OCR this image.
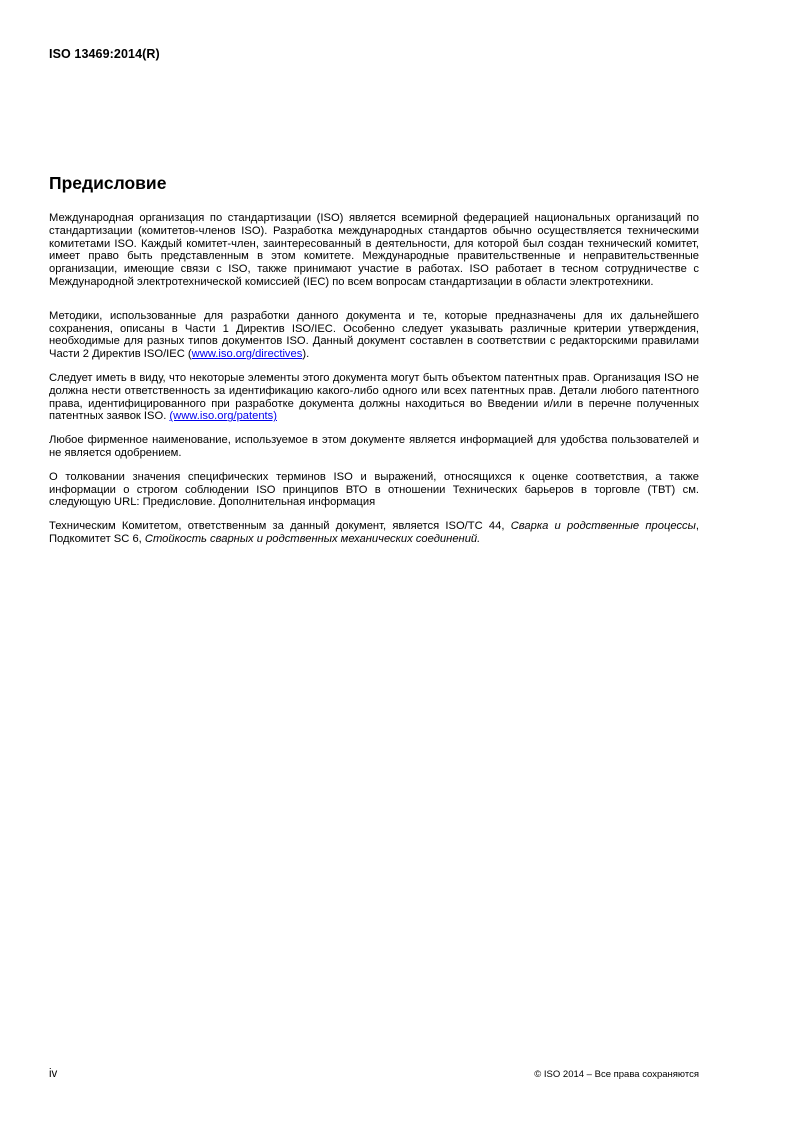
ISO 13469:2014(R)
Предисловие

Международная организация по стандартизации (ISO) является всемирной федерацией национальных организаций по стандартизации (комитетов-членов ISO). Разработка международных стандартов обычно осуществляется техническими комитетами ISO. Каждый комитет-член, заинтересованный в деятельности, для которой был создан технический комитет, имеет право быть представленным в этом комитете. Международные правительственные и неправительственные организации, имеющие связи с ISO, также принимают участие в работах. ISO работает в тесном сотрудничестве с Международной электротехнической комиссией (IEC) по всем вопросам стандартизации в области электротехники.

Методики, использованные для разработки данного документа и те, которые предназначены для их дальнейшего сохранения, описаны в Части 1 Директив ISO/IEC. Особенно следует указывать различные критерии утверждения, необходимые для разных типов документов ISO. Данный документ составлен в соответствии с редакторскими правилами Части 2 Директив ISO/IEC (www.iso.org/directives).

Следует иметь в виду, что некоторые элементы этого документа могут быть объектом патентных прав. Организация ISO не должна нести ответственность за идентификацию какого-либо одного или всех патентных прав. Детали любого патентного права, идентифицированного при разработке документа должны находиться во Введении и/или в перечне полученных патентных заявок ISO. (www.iso.org/patents)

Любое фирменное наименование, используемое в этом документе является информацией для удобства пользователей и не является одобрением.

О толковании значения специфических терминов ISO и выражений, относящихся к оценке соответствия, а также информации о строгом соблюдении ISO принципов ВТО в отношении Технических барьеров в торговле (ТВТ) см. следующую URL: Предисловие. Дополнительная информация

Техническим Комитетом, ответственным за данный документ, является ISO/TC 44, Сварка и родственные процессы, Подкомитет SC 6, Стойкость сварных и родственных механических соединений.

iv	© ISO 2014 – Все права сохраняются
